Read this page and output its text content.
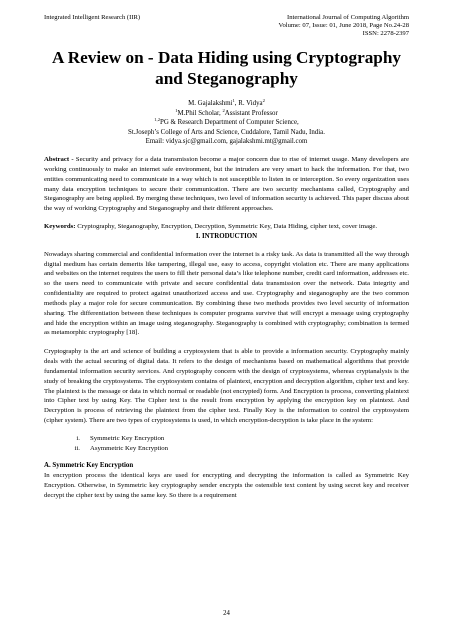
Integrated Intelligent Research (IIR)	International Journal of Computing Algorithm
Volume: 07, Issue: 01, June 2018, Page No.24-28
ISSN: 2278-2397
A Review on - Data Hiding using Cryptography
and Steganography
M. Gajalakshmi$^1$, R. Vidya$^2$
$^1$M.Phil Scholar, $^2$Assistant Professor
$^{1,2}$PG & Research Department of Computer Science,
St.Joseph’s College of Arts and Science, Cuddalore, Tamil Nadu, India.
Email: vidya.sjc@gmail.com, gajalakshmi.mt@gmail.com

Abstract - Security and privacy for a data transmission become a major concern due to rise of internet usage. Many developers are working continuously to make an internet safe environment, but the intruders are very smart to hack the information. For that, two entities communicating need to communicate in a way which is not susceptible to listen in or interception. So every organization uses many data encryption techniques to secure their communication. There are two security mechanisms called, Cryptography and Steganography are being applied. By merging these techniques, two level of information security is achieved. This paper discuss about the way of working Cryptography and Steganography and their different approaches.

Keywords: Cryptography, Steganography, Encryption, Decryption, Symmetric Key, Data Hiding, cipher text, cover image.

I. INTRODUCTION

Nowadays sharing commercial and confidential information over the internet is a risky task. As data is transmitted all the way through digital medium has certain demerits like tampering, illegal use, easy to access, copyright violation etc. There are many applications and websites on the internet requires the users to fill their personal data’s like telephone number, credit card information, addresses etc. so the users need to communicate with private and secure confidential data transmission over the network. Data integrity and confidentiality are required to protect against unauthorized access and use. Cryptography and steganography are the two common methods play a major role for secure communication. By combining these two methods provides two level security of information sharing. The differentiation between these techniques is computer programs survive that will encrypt a message using cryptography and hide the encryption within an image using steganography. Steganography is combined with cryptography; combination is termed as metamorphic cryptography [18].

Cryptography is the art and science of building a cryptosystem that is able to provide a information security. Cryptography mainly deals with the actual securing of digital data. It refers to the design of mechanisms based on mathematical algorithms that provide fundamental information security services. And cryptography concern with the design of cryptosystems, whereas cryptanalysis is the study of breaking the cryptosystems. The cryptosystem contains of plaintext, encryption and decryption algorithm, cipher text and key. The plaintext is the message or data in which normal or readable (not encrypted) form. And Encryption is process, converting plaintext into Cipher text by using Key. The Cipher text is the result from encryption by applying the encryption key on plaintext. And Decryption is process of retrieving the plaintext from the cipher text. Finally Key is the information to control the cryptosystem (cipher system). There are two types of cryptosystems is used, in which encryption-decryption is take place in the system:

i. Symmetric Key Encryption
ii. Asymmetric Key Encryption
A. Symmetric Key Encryption

In encryption process the identical keys are used for encrypting and decrypting the information is called as Symmetric Key Encryption. Otherwise, in Symmetric key cryptography sender encrypts the ostensible text content by using secret key and receiver decrypt the cipher text by using the same key. So there is a requirement

24
